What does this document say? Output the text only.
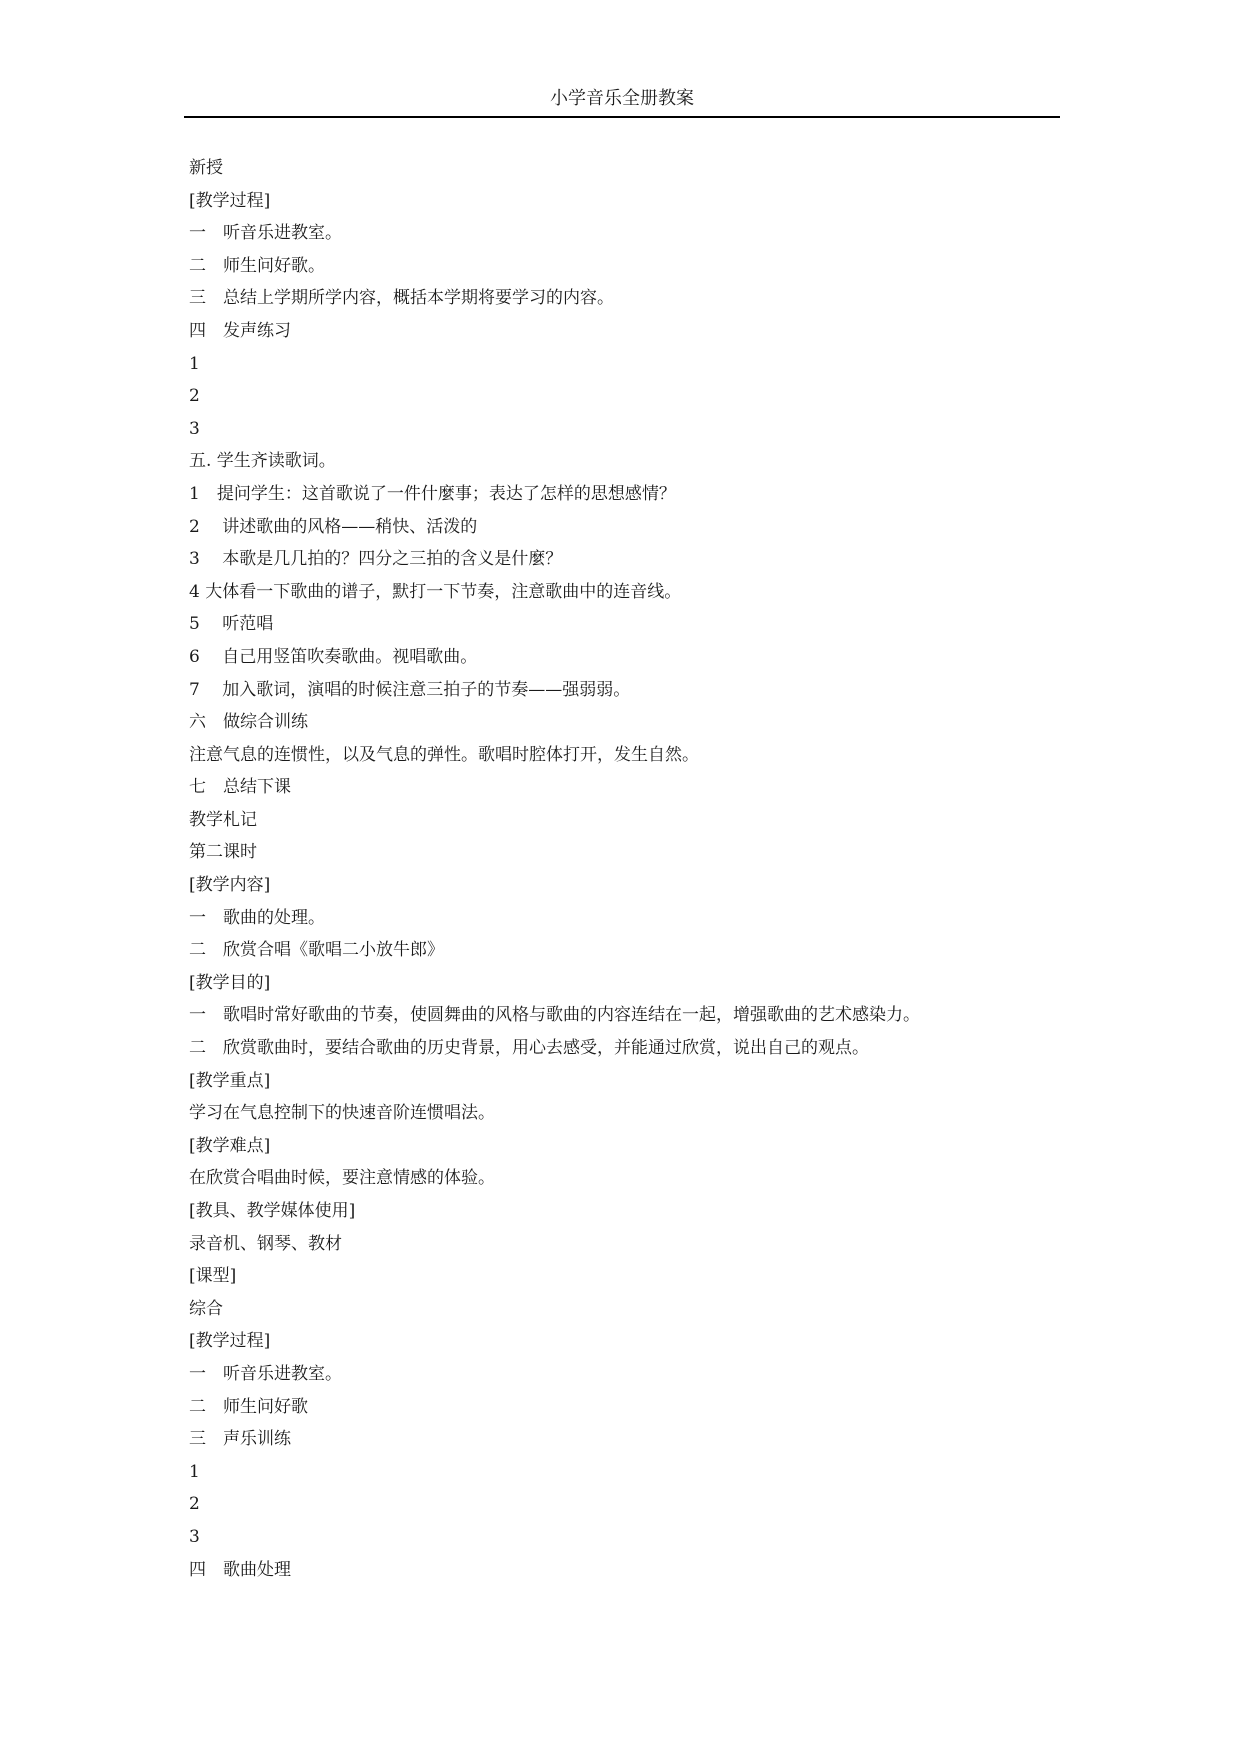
小学音乐全册教案
新授
[教学过程]
一　听音乐进教室。
二　师生问好歌。
三　总结上学期所学内容，概括本学期将要学习的内容。
四　发声练习
1
2
3
五. 学生齐读歌词。
1　提问学生：这首歌说了一件什麼事；表达了怎样的思想感情？
2　 讲述歌曲的风格——稍快、活泼的
3　 本歌是几几拍的？四分之三拍的含义是什麼？
4 大体看一下歌曲的谱子，默打一下节奏，注意歌曲中的连音线。
5　 听范唱
6　 自己用竖笛吹奏歌曲。视唱歌曲。
7　 加入歌词，演唱的时候注意三拍子的节奏——强弱弱。
六　做综合训练
注意气息的连惯性，以及气息的弹性。歌唱时腔体打开，发生自然。
七　总结下课
教学札记
第二课时
[教学内容]
一　歌曲的处理。
二　欣赏合唱《歌唱二小放牛郎》
[教学目的]
一　歌唱时常好歌曲的节奏，使圆舞曲的风格与歌曲的内容连结在一起，增强歌曲的艺术感染力。
二　欣赏歌曲时，要结合歌曲的历史背景，用心去感受，并能通过欣赏，说出自己的观点。
[教学重点]
学习在气息控制下的快速音阶连惯唱法。
[教学难点]
在欣赏合唱曲时候，要注意情感的体验。
[教具、教学媒体使用]
录音机、钢琴、教材
[课型]
综合
[教学过程]
一　听音乐进教室。
二　师生问好歌
三　声乐训练
1
2
3
四　歌曲处理
